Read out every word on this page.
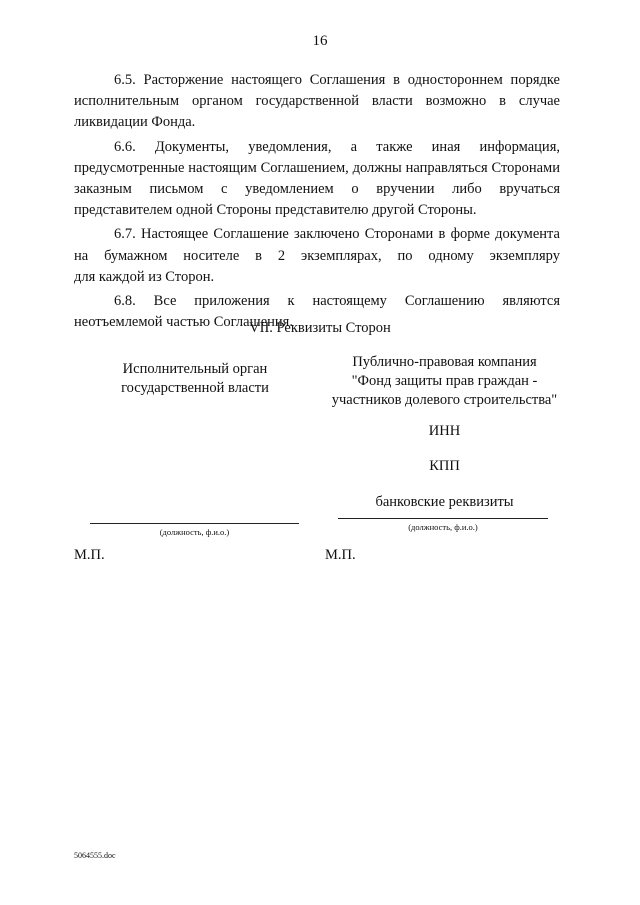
16

6.5. Расторжение настоящего Соглашения в одностороннем порядке исполнительным органом государственной власти возможно в случае
ликвидации Фонда.

6.6. Документы, уведомления, а также иная информация, предусмотренные настоящим Соглашением, должны направляться Сторонами заказным письмом с уведомлением о вручении либо вручаться
представителем одной Стороны представителю другой Стороны.

6.7. Настоящее Соглашение заключено Сторонами в форме документа на бумажном носителе в 2 экземплярах, по одному экземпляру
для каждой из Сторон.

6.8. Все приложения к настоящему Соглашению являются
неотъемлемой частью Соглашения.

VII. Реквизиты Сторон
Исполнительный орган
государственной власти
Публично-правовая компания
"Фонд защиты прав граждан -
участников долевого строительства"
ИНН
КПП
банковские реквизиты
(должность, ф.и.о.)	(должность, ф.и.о.)
М.П.	М.П.
5064555.doc
